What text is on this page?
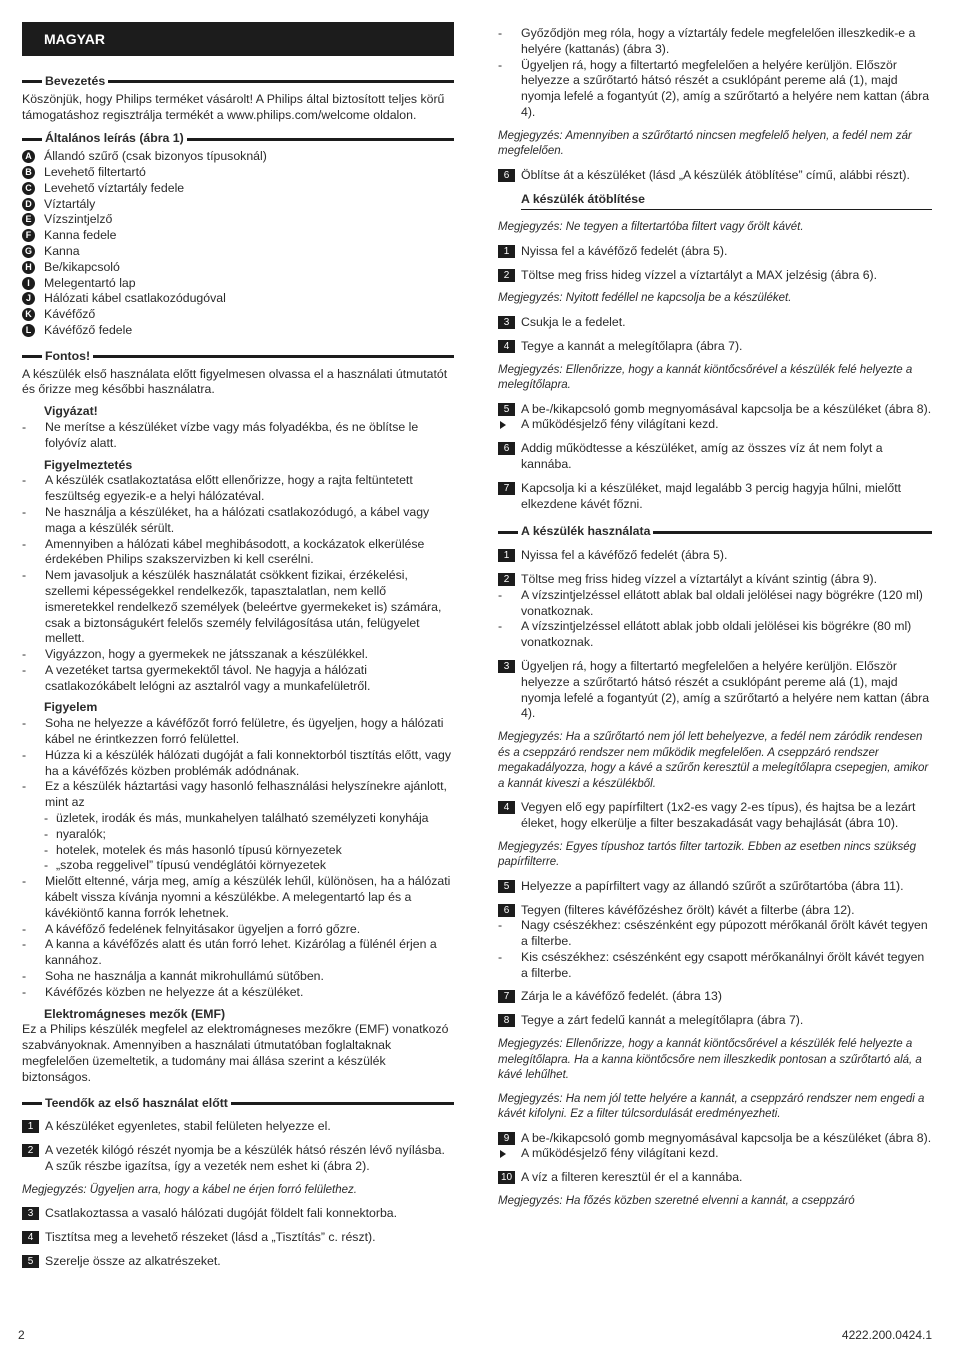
MAGYAR
Bevezetés

Köszönjük, hogy Philips terméket vásárolt! A Philips által biztosított teljes körű támogatáshoz regisztrálja termékét a www.philips.com/welcome oldalon.

Általános leírás (ábra 1)
A Állandó szűrő (csak bizonyos típusoknál)
B Levehető filtertartó
C Levehető víztartály fedele
D Víztartály
E Vízszintjelző
F	Kanna fedele
G Kanna
H Be/kikapcsoló
I	Melegentartó lap
J	Hálózati kábel csatlakozódugóval
K Kávéfőző
L	Kávéfőző fedele
Fontos!

A készülék első használata előtt figyelmesen olvassa el a használati útmutatót és őrizze meg későbbi használatra.

Vigyázat!
- Ne merítse a készüléket vízbe vagy más folyadékba, és ne öblítse le folyóvíz alatt.
Figyelmeztetés
- A készülék csatlakoztatása előtt ellenőrizze, hogy a rajta feltüntetett feszültség egyezik-e a helyi hálózatéval.
- Ne használja a készüléket, ha a hálózati csatlakozódugó, a kábel vagy maga a készülék sérült.
- Amennyiben a hálózati kábel meghibásodott, a kockázatok elkerülése érdekében Philips szakszervizben ki kell cserélni.
- Nem javasoljuk a készülék használatát csökkent fizikai, érzékelési, szellemi képességekkel rendelkezők, tapasztalatlan, nem kellő ismeretekkel rendelkező személyek (beleértve gyermekeket is) számára, csak a biztonságukért felelős személy felvilágosítása után, felügyelet mellett.
- Vigyázzon, hogy a gyermekek ne játsszanak a készülékkel.
- A vezetéket tartsa gyermekektől távol. Ne hagyja a hálózati csatlakozókábelt lelógni az asztalról vagy a munkafelületről.
Figyelem
- Soha ne helyezze a kávéfőzőt forró felületre, és ügyeljen, hogy a hálózati kábel ne érintkezzen forró felülettel.
- Húzza ki a készülék hálózati dugóját a fali konnektorból tisztítás előtt, vagy ha a kávéfőzés közben problémák adódnának.
- Ez a készülék háztartási vagy hasonló felhasználási helyszínekre ajánlott, mint az
- üzletek, irodák és más, munkahelyen található személyzeti konyhája
- nyaralók;
- hotelek, motelek és más hasonló típusú környezetek
- „szoba reggelivel” típusú vendéglátói környezetek
- Mielőtt eltenné, várja meg, amíg a készülék lehűl, különösen, ha a hálózati kábelt vissza kívánja nyomni a készülékbe. A melegentartó lap és a kávékiöntő kanna forrók lehetnek.
- A kávéfőző fedelének felnyitásakor ügyeljen a forró gőzre.
- A kanna a kávéfőzés alatt és után forró lehet. Kizárólag a fülénél érjen a kannához.
- Soha ne használja a kannát mikrohullámú sütőben.
- Kávéfőzés közben ne helyezze át a készüléket.
Elektromágneses mezők (EMF)

Ez a Philips készülék megfelel az elektromágneses mezőkre (EMF) vonatkozó szabványoknak. Amennyiben a használati útmutatóban foglaltaknak megfelelően üzemeltetik, a tudomány mai állása szerint a készülék biztonságos.

Teendők az első használat előtt
1 A készüléket egyenletes, stabil felületen helyezze el.
2 A vezeték kilógó részét nyomja be a készülék hátsó részén lévő nyílásba. A szűk részbe igazítsa, így a vezeték nem eshet ki (ábra 2).
Megjegyzés: Ügyeljen arra, hogy a kábel ne érjen forró felülethez.
3 Csatlakoztassa a vasaló hálózati dugóját földelt fali konnektorba.
4 Tisztítsa meg a levehető részeket (lásd a „Tisztítás” c. részt).
5 Szerelje össze az alkatrészeket.
- Győződjön meg róla, hogy a víztartály fedele megfelelően illeszkedik-e a helyére (kattanás) (ábra 3).
- Ügyeljen rá, hogy a filtertartó megfelelően a helyére kerüljön. Először helyezze a szűrőtartó hátsó részét a csuklópánt pereme alá (1), majd nyomja lefelé a fogantyút (2), amíg a szűrőtartó a helyére nem kattan (ábra 4).
Megjegyzés: Amennyiben a szűrőtartó nincsen megfelelő helyen, a fedél nem zár megfelelően.
6 Öblítse át a készüléket (lásd „A készülék átöblítése” című, alábbi részt).
A készülék átöblítése
Megjegyzés: Ne tegyen a filtertartóba filtert vagy őrölt kávét.
1 Nyissa fel a kávéfőző fedelét (ábra 5).
2 Töltse meg friss hideg vízzel a víztartályt a MAX jelzésig (ábra 6).
Megjegyzés: Nyitott fedéllel ne kapcsolja be a készüléket.
3 Csukja le a fedelet.
4 Tegye a kannát a melegítőlapra (ábra 7).
Megjegyzés: Ellenőrizze, hogy a kannát kiöntőcsőrével a készülék felé helyezte a melegítőlapra.
5 A be-/kikapcsoló gomb megnyomásával kapcsolja be a készüléket (ábra 8).
A működésjelző fény világítani kezd.
6 Addig működtesse a készüléket, amíg az összes víz át nem folyt a kannába.
7 Kapcsolja ki a készüléket, majd legalább 3 percig hagyja hűlni, mielőtt elkezdene kávét főzni.
A készülék használata
1 Nyissa fel a kávéfőző fedelét (ábra 5).
2 Töltse meg friss hideg vízzel a víztartályt a kívánt szintig (ábra 9).
- A vízszintjelzéssel ellátott ablak bal oldali jelölései nagy bögrékre (120 ml) vonatkoznak.
- A vízszintjelzéssel ellátott ablak jobb oldali jelölései kis bögrékre (80 ml) vonatkoznak.
3 Ügyeljen rá, hogy a filtertartó megfelelően a helyére kerüljön. Először helyezze a szűrőtartó hátsó részét a csuklópánt pereme alá (1), majd nyomja lefelé a fogantyút (2), amíg a szűrőtartó a helyére nem kattan (ábra 4).
Megjegyzés: Ha a szűrőtartó nem jól lett behelyezve, a fedél nem záródik rendesen és a cseppzáró rendszer nem működik megfelelően. A cseppzáró rendszer megakadályozza, hogy a kávé a szűrőn keresztül a melegítőlapra csepegjen, amikor a kannát kiveszi a készülékből.
4 Vegyen elő egy papírfiltert (1x2-es vagy 2-es típus), és hajtsa be a lezárt éleket, hogy elkerülje a filter beszakadását vagy behajlását (ábra 10).
Megjegyzés: Egyes típushoz tartós filter tartozik. Ebben az esetben nincs szükség papírfilterre.
5 Helyezze a papírfiltert vagy az állandó szűrőt a szűrőtartóba (ábra 11).
6 Tegyen (filteres kávéfőzéshez őrölt) kávét a filterbe (ábra 12).
- Nagy csészékhez: csészénként egy púpozott mérőkanál őrölt kávét tegyen a filterbe.
- Kis csészékhez: csészénként egy csapott mérőkanálnyi őrölt kávét tegyen a filterbe.
7 Zárja le a kávéfőző fedelét. (ábra 13)
8 Tegye a zárt fedelű kannát a melegítőlapra (ábra 7).
Megjegyzés: Ellenőrizze, hogy a kannát kiöntőcsőrével a készülék felé helyezte a melegítőlapra. Ha a kanna kiöntőcsőre nem illeszkedik pontosan a szűrőtartó alá, a kávé lehűlhet.
Megjegyzés: Ha nem jól tette helyére a kannát, a cseppzáró rendszer nem engedi a kávét kifolyni. Ez a filter túlcsordulását eredményezheti.
9 A be-/kikapcsoló gomb megnyomásával kapcsolja be a készüléket (ábra 8).
A működésjelző fény világítani kezd.
10 A víz a filteren keresztül ér el a kannába.
Megjegyzés: Ha főzés közben szeretné elvenni a kannát, a cseppzáró
2	4222.200.0424.1
